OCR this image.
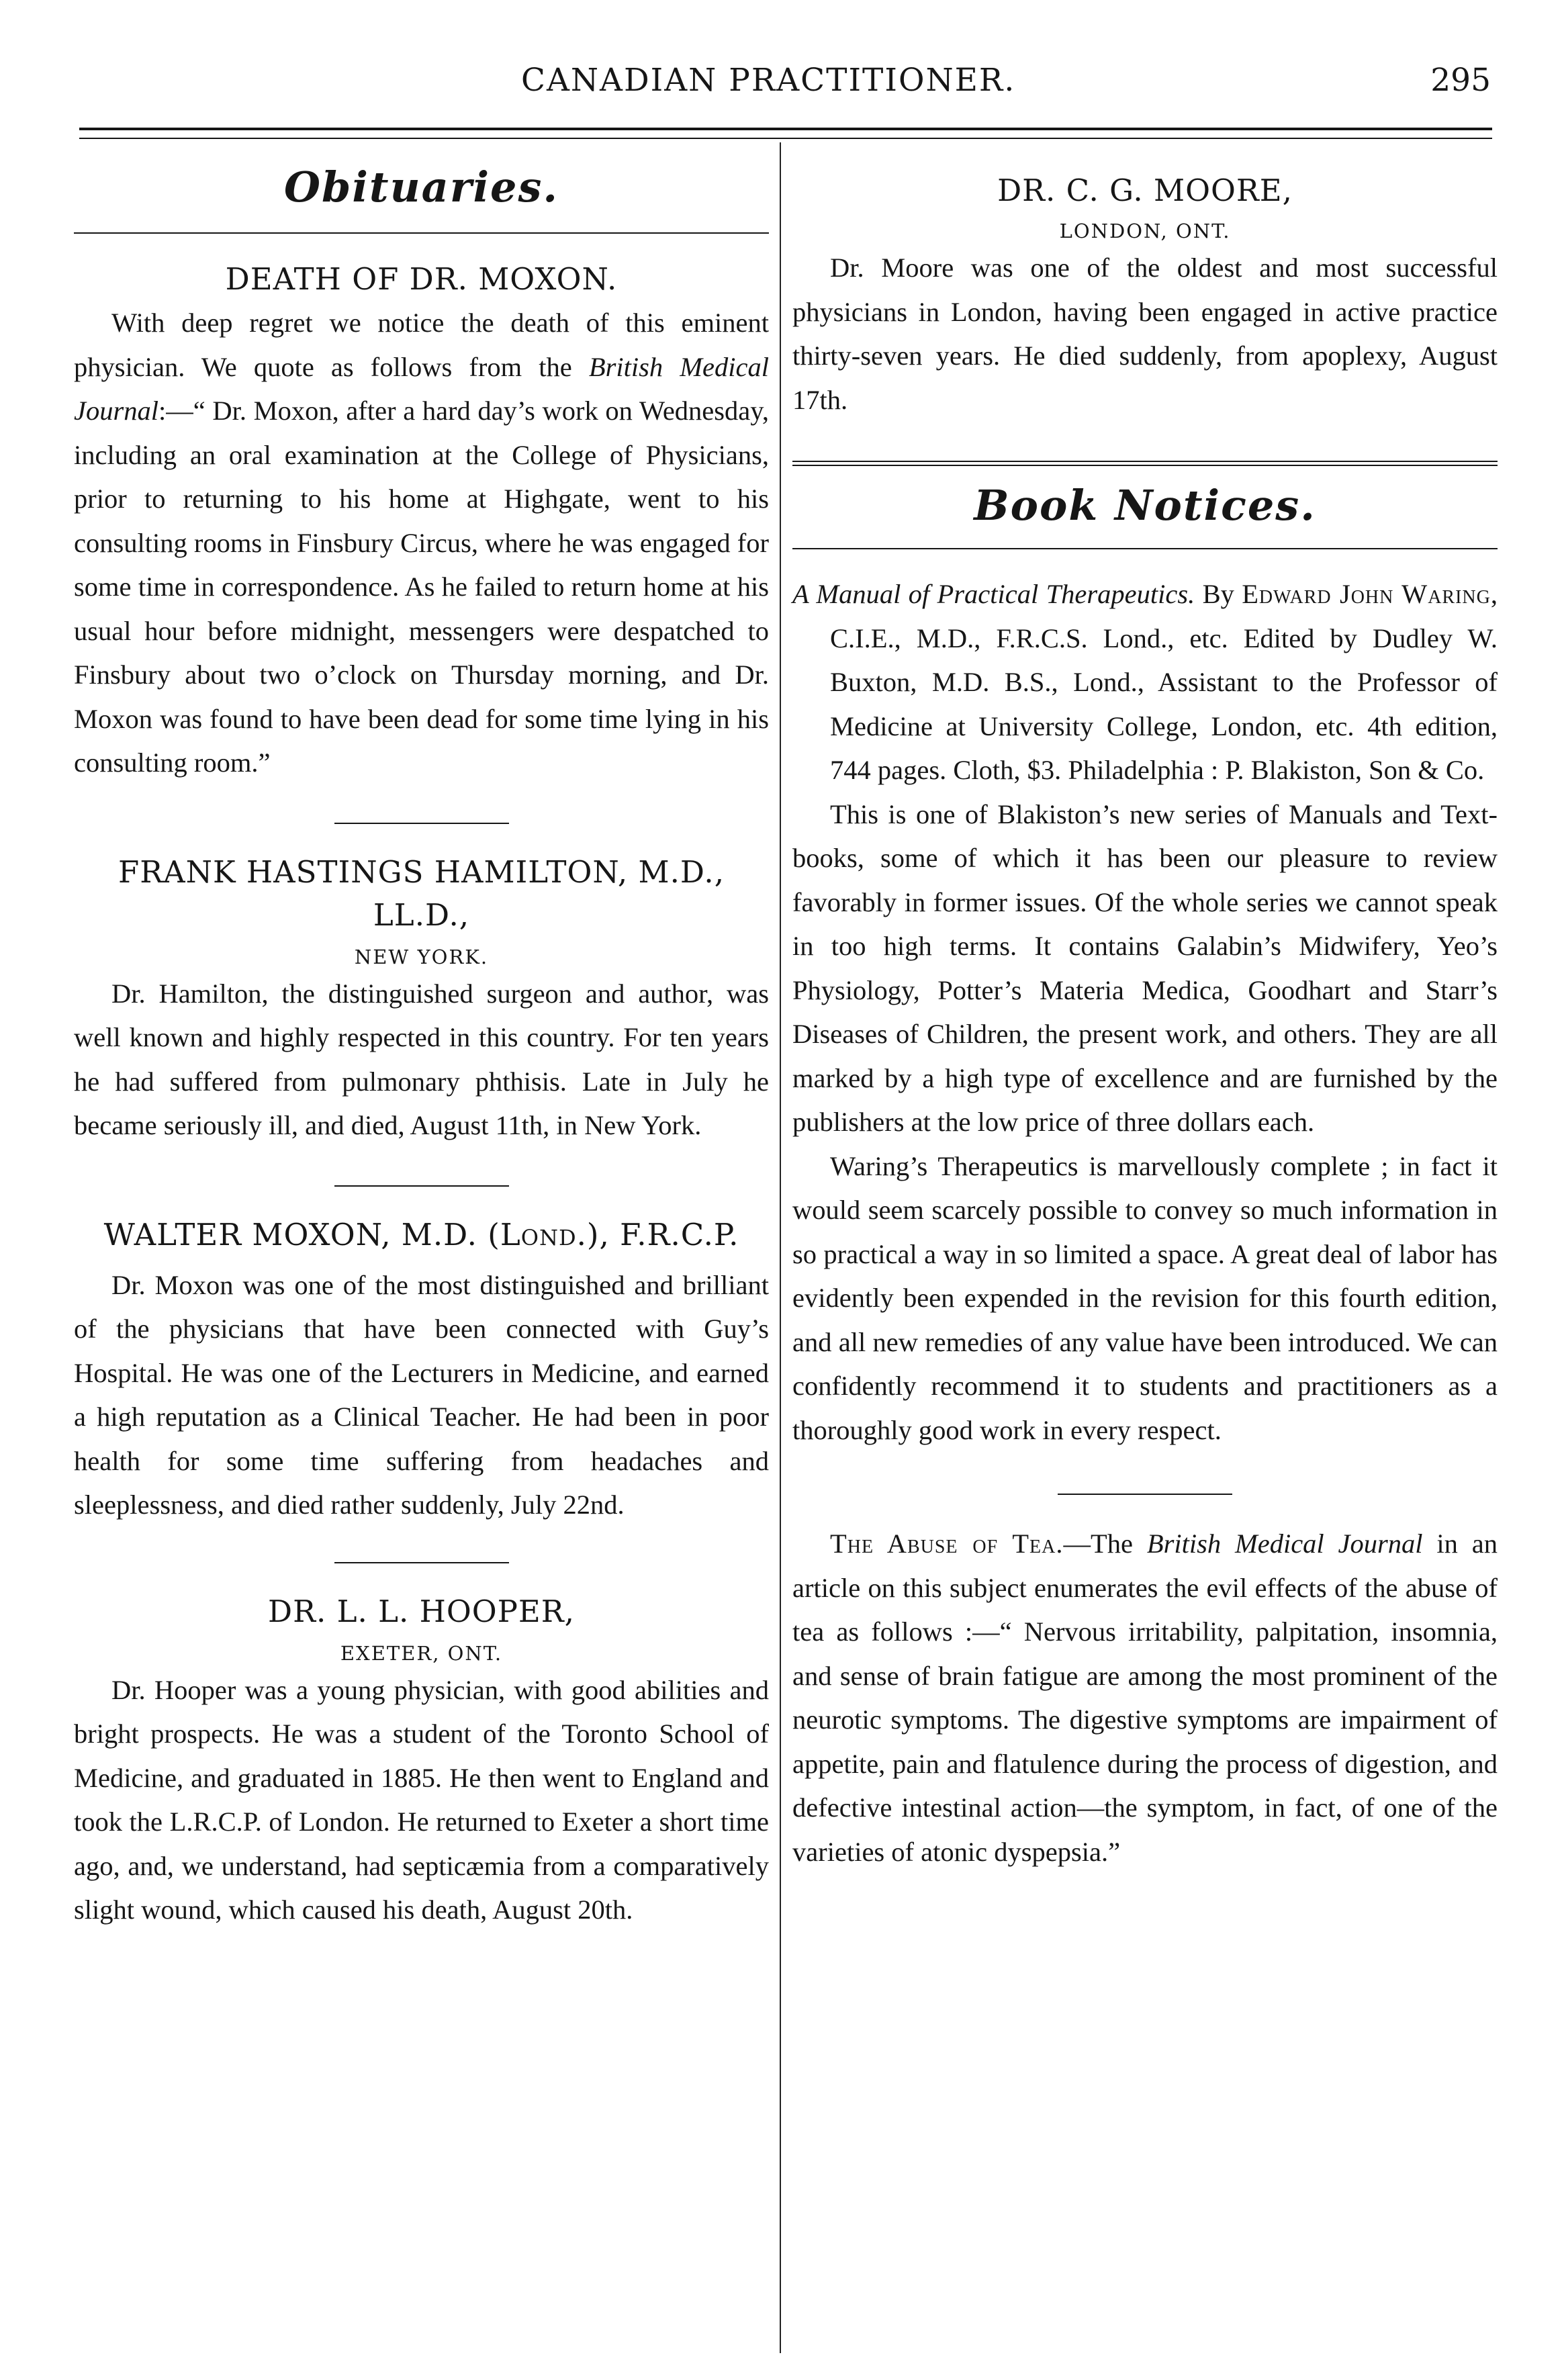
CANADIAN PRACTITIONER.	295
Obituaries.
DEATH OF DR. MOXON.

With deep regret we notice the death of this eminent physician. We quote as follows from the British Medical Journal:—“ Dr. Moxon, after a hard day’s work on Wednesday, including an oral examination at the College of Physicians, prior to returning to his home at Highgate, went to his consulting rooms in Finsbury Circus, where he was engaged for some time in correspondence. As he failed to return home at his usual hour before midnight, messengers were despatched to Finsbury about two o’clock on Thursday morning, and Dr. Moxon was found to have been dead for some time lying in his consulting room.”

FRANK HASTINGS HAMILTON, M.D.,
LL.D.,
NEW YORK.

Dr. Hamilton, the distinguished surgeon and author, was well known and highly respected in this country. For ten years he had suffered from pulmonary phthisis. Late in July he became seriously ill, and died, August 11th, in New York.

WALTER MOXON, M.D. (Lond.), F.R.C.P.

Dr. Moxon was one of the most distinguished and brilliant of the physicians that have been connected with Guy’s Hospital. He was one of the Lecturers in Medicine, and earned a high reputation as a Clinical Teacher. He had been in poor health for some time suffering from headaches and sleeplessness, and died rather suddenly, July 22nd.

DR. L. L. HOOPER,
EXETER, ONT.

Dr. Hooper was a young physician, with good abilities and bright prospects. He was a student of the Toronto School of Medicine, and graduated in 1885. He then went to England and took the L.R.C.P. of London. He returned to Exeter a short time ago, and, we understand, had septicæmia from a comparatively slight wound, which caused his death, August 20th.

DR. C. G. MOORE,
LONDON, ONT.

Dr. Moore was one of the oldest and most successful physicians in London, having been engaged in active practice thirty-seven years. He died suddenly, from apoplexy, August 17th.

Book Notices.

A Manual of Practical Therapeutics. By Edward John Waring, C.I.E., M.D., F.R.C.S. Lond., etc. Edited by Dudley W. Buxton, M.D. B.S., Lond., Assistant to the Professor of Medicine at University College, London, etc. 4th edition, 744 pages. Cloth, $3. Philadelphia : P. Blakiston, Son & Co.

This is one of Blakiston’s new series of Manuals and Text-books, some of which it has been our pleasure to review favorably in former issues. Of the whole series we cannot speak in too high terms. It contains Galabin’s Midwifery, Yeo’s Physiology, Potter’s Materia Medica, Goodhart and Starr’s Diseases of Children, the present work, and others. They are all marked by a high type of excellence and are furnished by the publishers at the low price of three dollars each.

Waring’s Therapeutics is marvellously complete ; in fact it would seem scarcely possible to convey so much information in so practical a way in so limited a space. A great deal of labor has evidently been expended in the revision for this fourth edition, and all new remedies of any value have been introduced. We can confidently recommend it to students and practitioners as a thoroughly good work in every respect.

The Abuse of Tea.—The British Medical Journal in an article on this subject enumerates the evil effects of the abuse of tea as follows :—“ Nervous irritability, palpitation, insomnia, and sense of brain fatigue are among the most prominent of the neurotic symptoms. The digestive symptoms are impairment of appetite, pain and flatulence during the process of digestion, and defective intestinal action—the symptom, in fact, of one of the varieties of atonic dyspepsia.”
